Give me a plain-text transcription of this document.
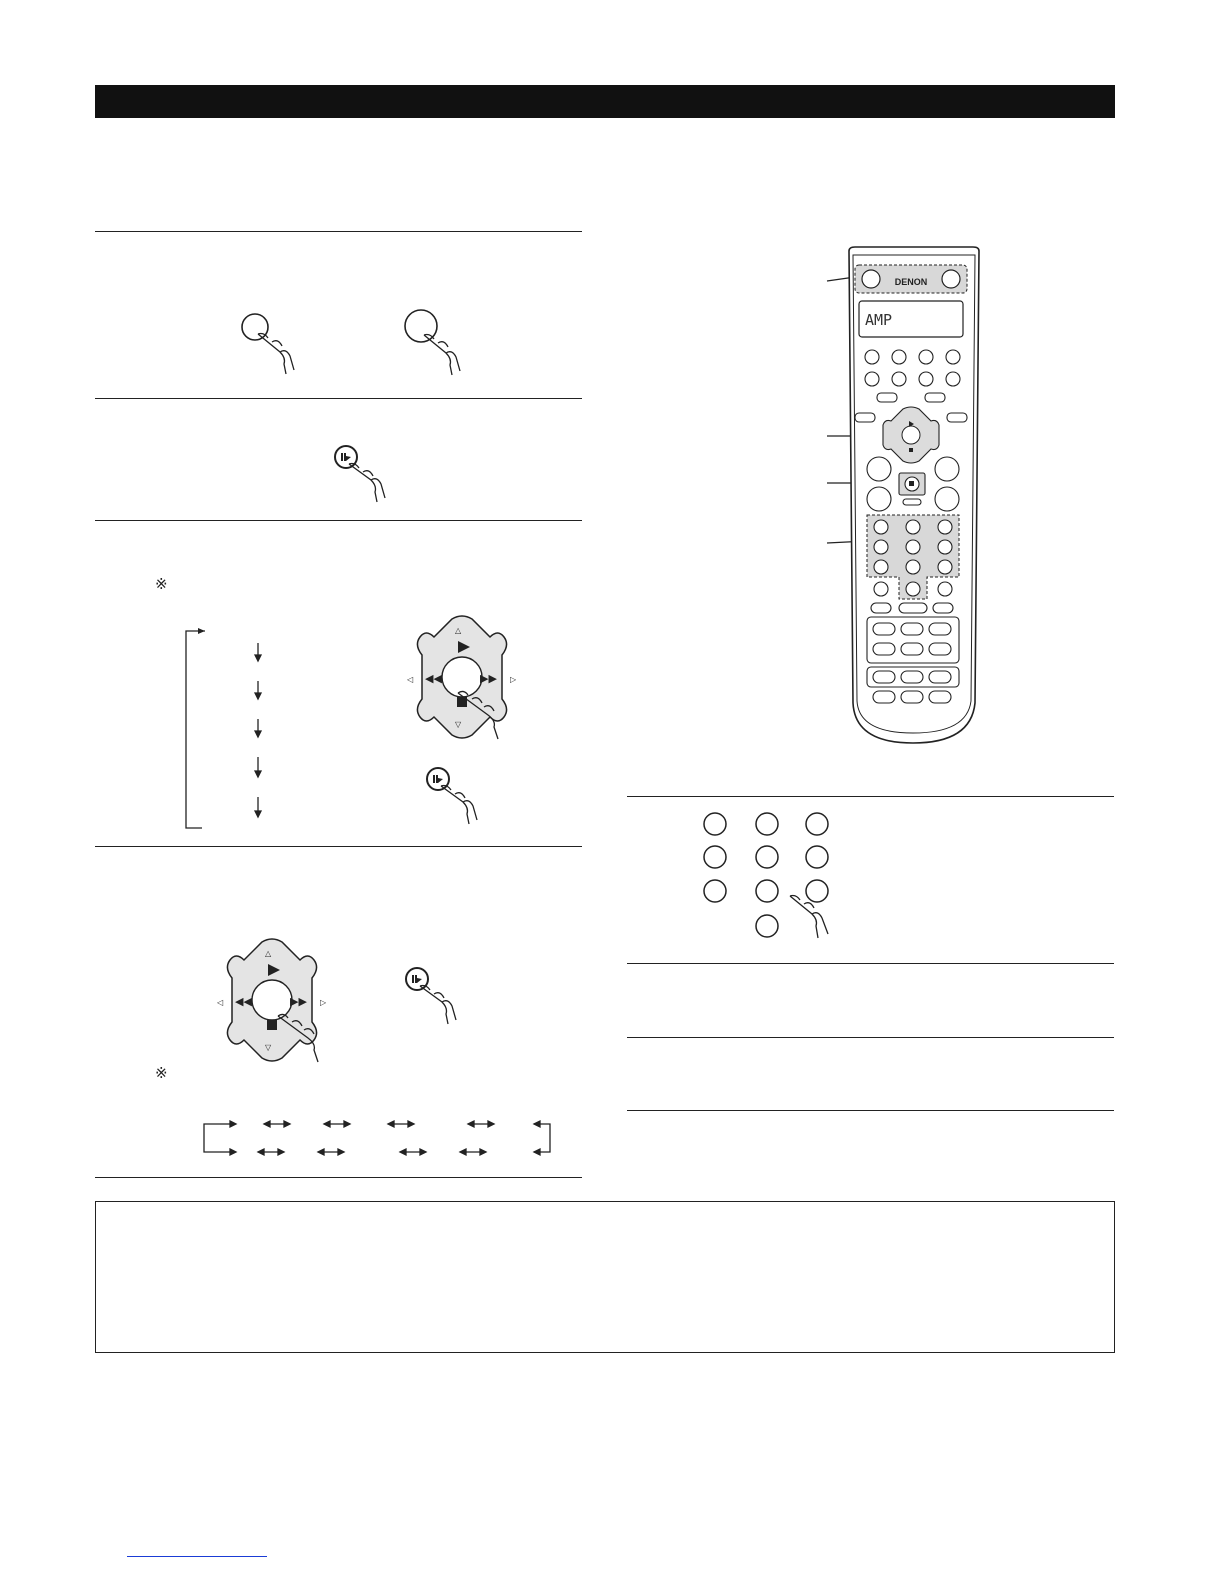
※
◀◀	▶▶
△
▽
◁	▷
◀◀	▶▶
△
▽
◁	▷
※
DENON
AMP
